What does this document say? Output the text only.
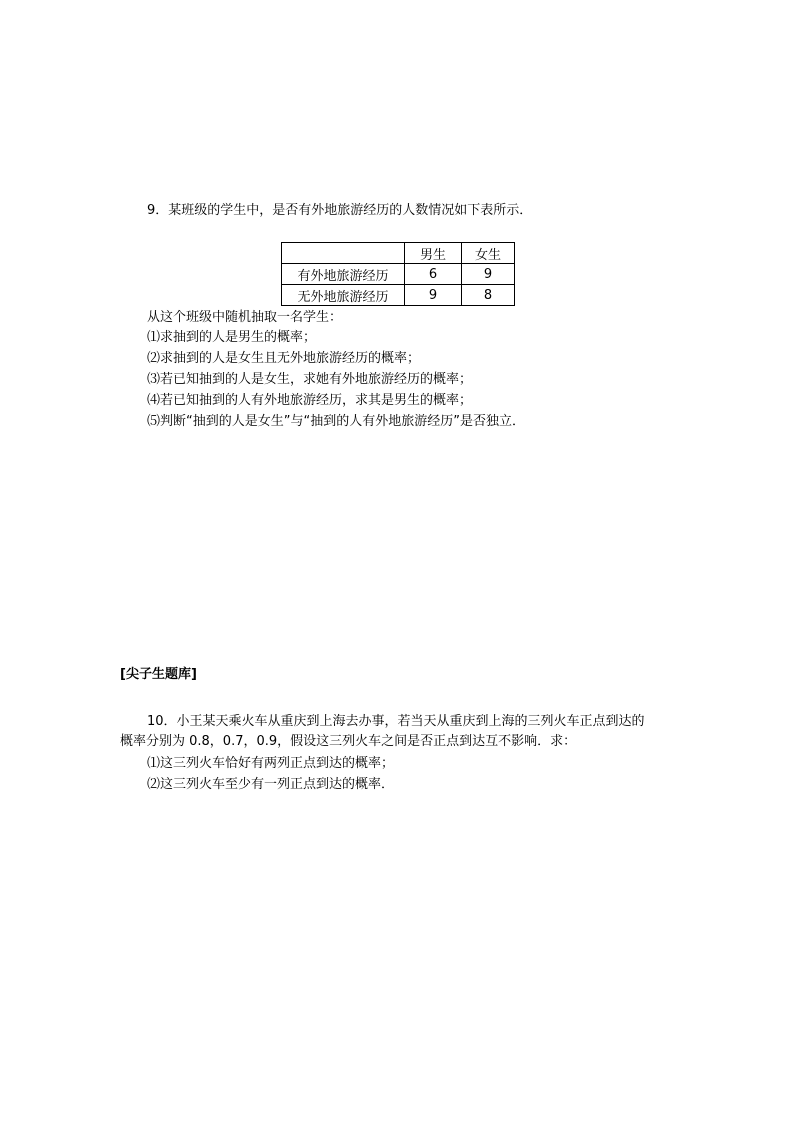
9．某班级的学生中，是否有外地旅游经历的人数情况如下表所示．
	男生	女生
有外地旅游经历	6	9
无外地旅游经历	9	8
从这个班级中随机抽取一名学生：
⑴求抽到的人是男生的概率；
⑵求抽到的人是女生且无外地旅游经历的概率；
⑶若已知抽到的人是女生，求她有外地旅游经历的概率；
⑷若已知抽到的人有外地旅游经历，求其是男生的概率；
⑸判断“抽到的人是女生”与“抽到的人有外地旅游经历”是否独立．
[尖子生题库]
10．小王某天乘火车从重庆到上海去办事，若当天从重庆到上海的三列火车正点到达的
概率分别为 0.8，0.7，0.9，假设这三列火车之间是否正点到达互不影响．求：
⑴这三列火车恰好有两列正点到达的概率；
⑵这三列火车至少有一列正点到达的概率．
